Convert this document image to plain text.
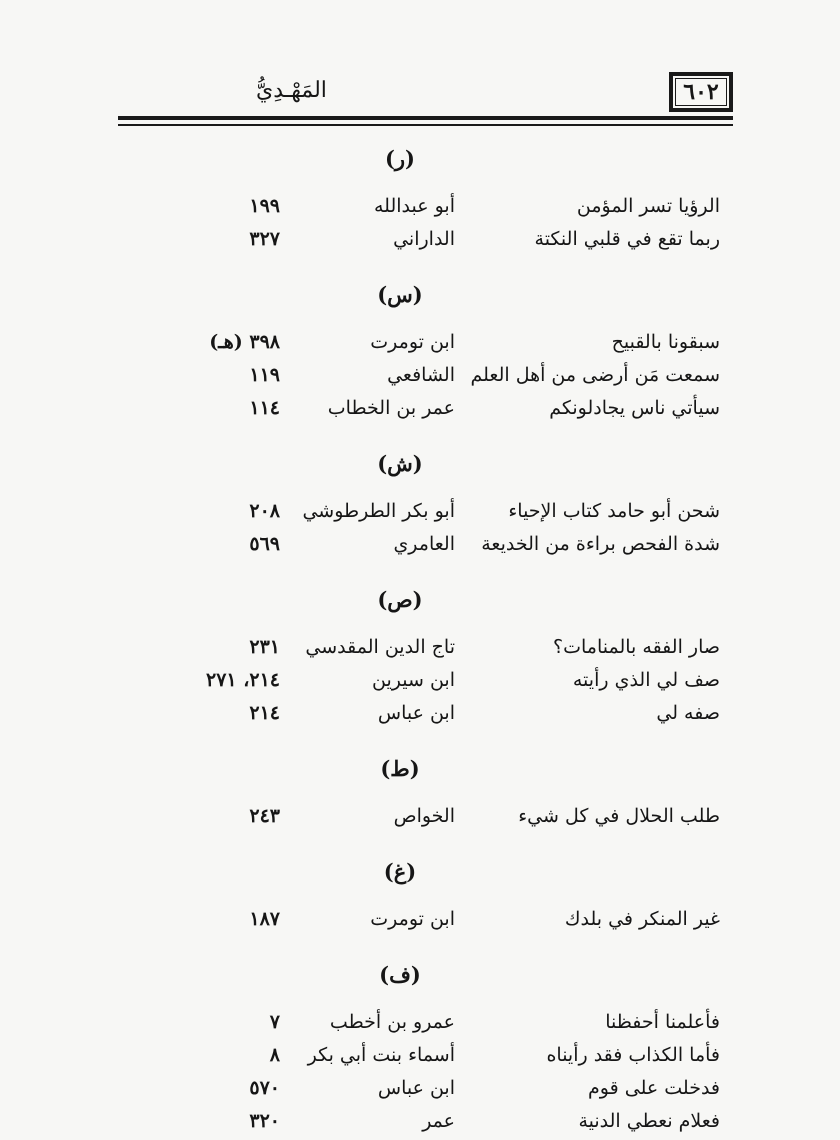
٦٠٢
المَهْـدِيُّ
(ر)
الرؤيا تسر المؤمن
أبو عبدالله
١٩٩
ربما تقع في قلبي النكتة
الداراني
٣٢٧
(س)
سبقونا بالقبيح
ابن تومرت
٣٩٨ (هـ)
سمعت مَن أرضى من أهل العلم
الشافعي
١١٩
سيأتي ناس يجادلونكم
عمر بن الخطاب
١١٤
(ش)
شحن أبو حامد كتاب الإحياء
أبو بكر الطرطوشي
٢٠٨
شدة الفحص براءة من الخديعة
العامري
٥٦٩
(ص)
صار الفقه بالمنامات؟
تاج الدين المقدسي
٢٣١
صف لي الذي رأيته
ابن سيرين
٢١٤، ٢٧١
صفه لي
ابن عباس
٢١٤
(ط)
طلب الحلال في كل شيء
الخواص
٢٤٣
(غ)
غير المنكر في بلدك
ابن تومرت
١٨٧
(ف)
فأعلمنا أحفظنا
عمرو بن أخطب
٧
فأما الكذاب فقد رأيناه
أسماء بنت أبي بكر
٨
فدخلت على قوم
ابن عباس
٥٧٠
فعلام نعطي الدنية
عمر
٣٢٠
